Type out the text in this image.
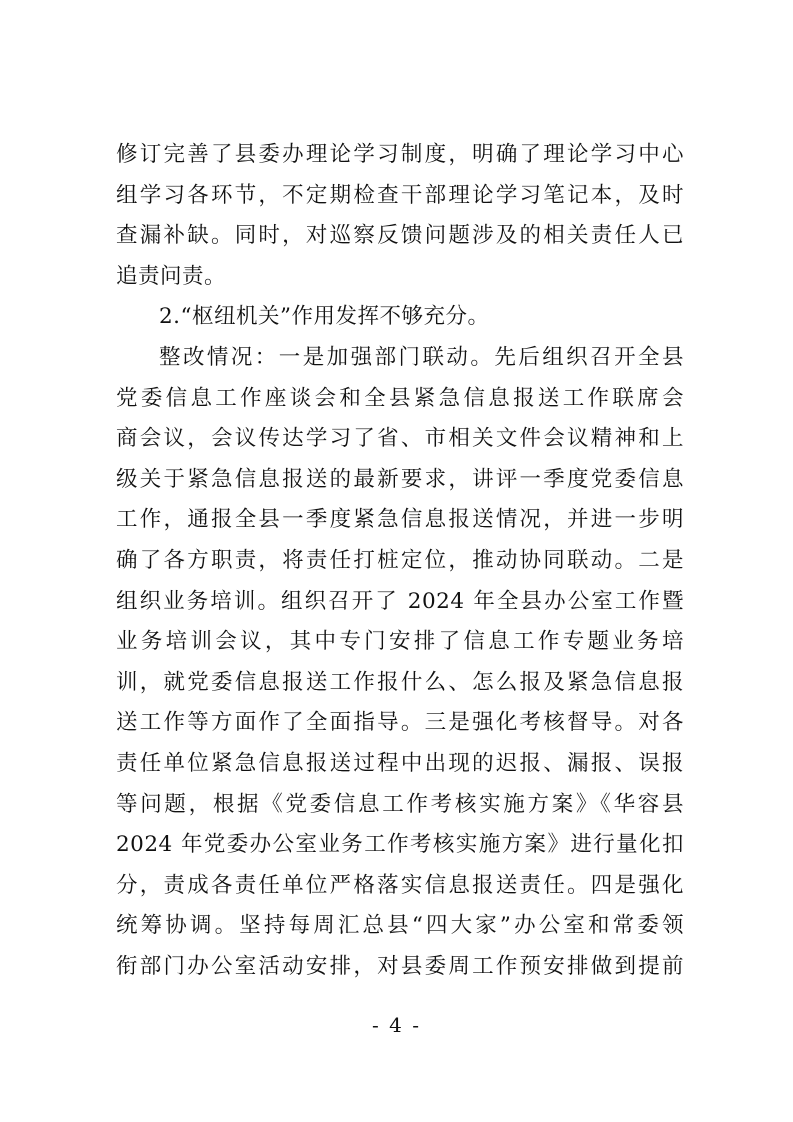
修订完善了县委办理论学习制度，明确了理论学习中心
组学习各环节，不定期检查干部理论学习笔记本，及时
查漏补缺。同时，对巡察反馈问题涉及的相关责任人已
追责问责。
2.“枢纽机关”作用发挥不够充分。
整改情况：一是加强部门联动。先后组织召开全县
党委信息工作座谈会和全县紧急信息报送工作联席会
商会议，会议传达学习了省、市相关文件会议精神和上
级关于紧急信息报送的最新要求，讲评一季度党委信息
工作，通报全县一季度紧急信息报送情况，并进一步明
确了各方职责，将责任打桩定位，推动协同联动。二是
组织业务培训。组织召开了 2024 年全县办公室工作暨
业务培训会议，其中专门安排了信息工作专题业务培
训，就党委信息报送工作报什么、怎么报及紧急信息报
送工作等方面作了全面指导。三是强化考核督导。对各
责任单位紧急信息报送过程中出现的迟报、漏报、误报
等问题，根据《党委信息工作考核实施方案》《华容县
2024 年党委办公室业务工作考核实施方案》进行量化扣
分，责成各责任单位严格落实信息报送责任。四是强化
统筹协调。坚持每周汇总县“四大家”办公室和常委领
衔部门办公室活动安排，对县委周工作预安排做到提前
- 4 -
